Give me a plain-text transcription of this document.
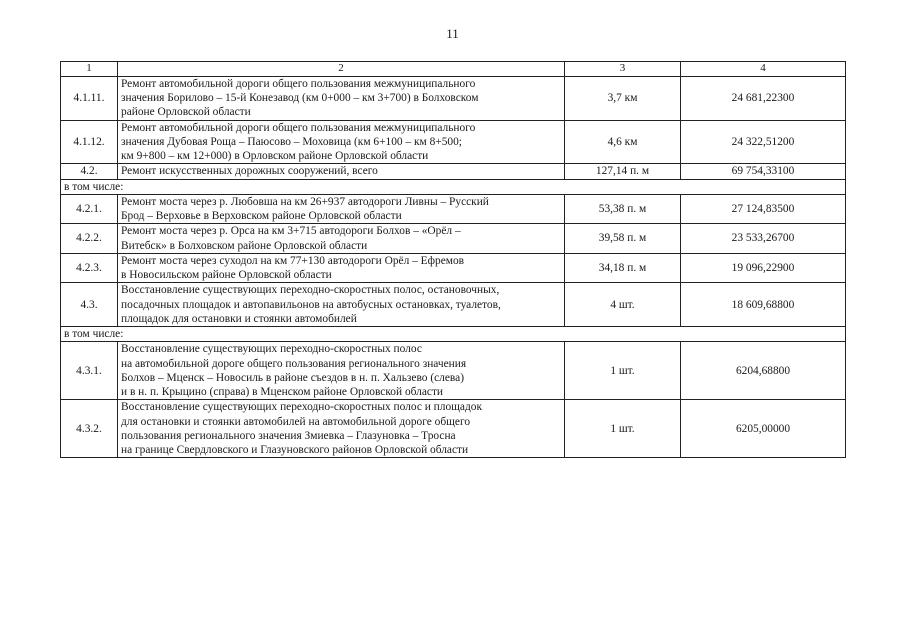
11
1	2	3	4
4.1.11.	Ремонт автомобильной дороги общего пользования межмуниципального
значения Борилово – 15-й Конезавод (км 0+000 – км 3+700) в Болховском
районе Орловской области	3,7 км	24 681,22300
4.1.12.	Ремонт автомобильной дороги общего пользования межмуниципального
значения Дубовая Роща – Паюсово – Моховица (км 6+100 – км 8+500;
км 9+800 – км 12+000) в Орловском районе Орловской области	4,6 км	24 322,51200
4.2.	Ремонт искусственных дорожных сооружений, всего	127,14 п. м	69 754,33100
в том числе:			
4.2.1.	Ремонт моста через р. Любовша на км 26+937 автодороги Ливны – Русский
Брод – Верховье в Верховском районе Орловской области	53,38 п. м	27 124,83500
4.2.2.	Ремонт моста через р. Орса на км 3+715 автодороги Болхов – «Орёл –
Витебск» в Болховском районе Орловской области	39,58 п. м	23 533,26700
4.2.3.	Ремонт моста через суходол на км 77+130 автодороги Орёл – Ефремов
в Новосильском районе Орловской области	34,18 п. м	19 096,22900
4.3.	Восстановление существующих переходно-скоростных полос, остановочных,
посадочных площадок и автопавильонов на автобусных остановках, туалетов,
площадок для остановки и стоянки автомобилей	4 шт.	18 609,68800
в том числе:			
4.3.1.	Восстановление существующих переходно-скоростных полос
на автомобильной дороге общего пользования регионального значения
Болхов – Мценск – Новосиль в районе съездов в н. п. Хальзево (слева)
и в н. п. Крыцино (справа) в Мценском районе Орловской области	1 шт.	6204,68800
4.3.2.	Восстановление существующих переходно-скоростных полос и площадок
для остановки и стоянки автомобилей на автомобильной дороге общего
пользования регионального значения Змиевка – Глазуновка – Тросна
на границе Свердловского и Глазуновского районов Орловской области	1 шт.	6205,00000
